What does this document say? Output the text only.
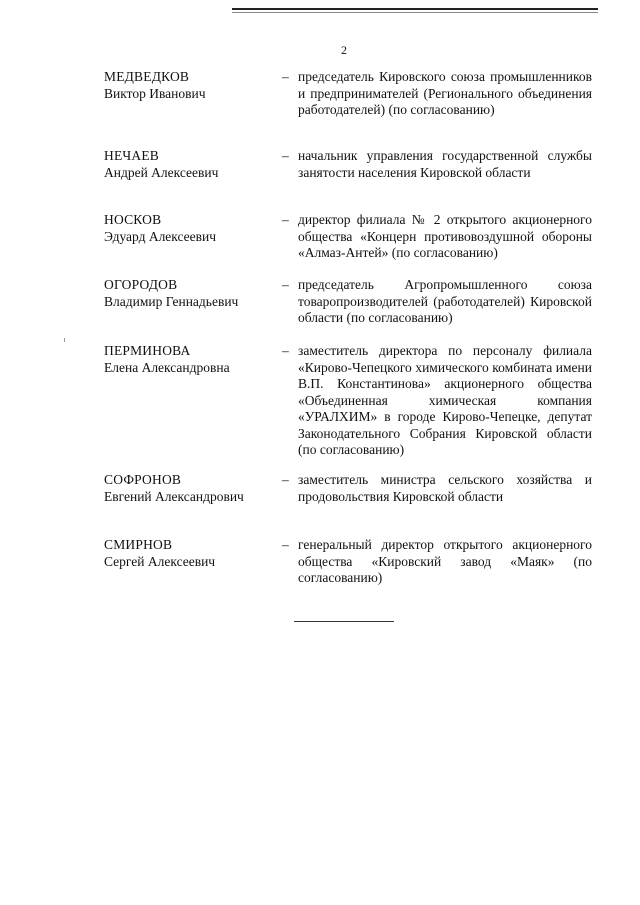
2
МЕДВЕДКОВ
Виктор Иванович
– председатель Кировского союза промышленников и предпринимателей (Регионального объединения работодателей) (по согласованию)
НЕЧАЕВ
Андрей Алексеевич
– начальник управления государственной службы занятости населения Кировской области
НОСКОВ
Эдуард Алексеевич
– директор филиала № 2 открытого акционерного общества «Концерн противовоздушной обороны «Алмаз-Антей» (по согласованию)
ОГОРОДОВ
Владимир Геннадьевич
– председатель Агропромышленного союза товаропроизводителей (работодателей) Кировской области (по согласованию)
ПЕРМИНОВА
Елена Александровна
– заместитель директора по персоналу филиала «Кирово-Чепецкого химического комбината имени В.П. Константинова» акционерного общества «Объединенная химическая компания «УРАЛХИМ» в городе Кирово-Чепецке, депутат Законодательного Собрания Кировской области (по согласованию)
СОФРОНОВ
Евгений Александрович
– заместитель министра сельского хозяйства и продовольствия Кировской области
СМИРНОВ
Сергей Алексеевич
– генеральный директор открытого акционерного общества «Кировский завод «Маяк» (по согласованию)
